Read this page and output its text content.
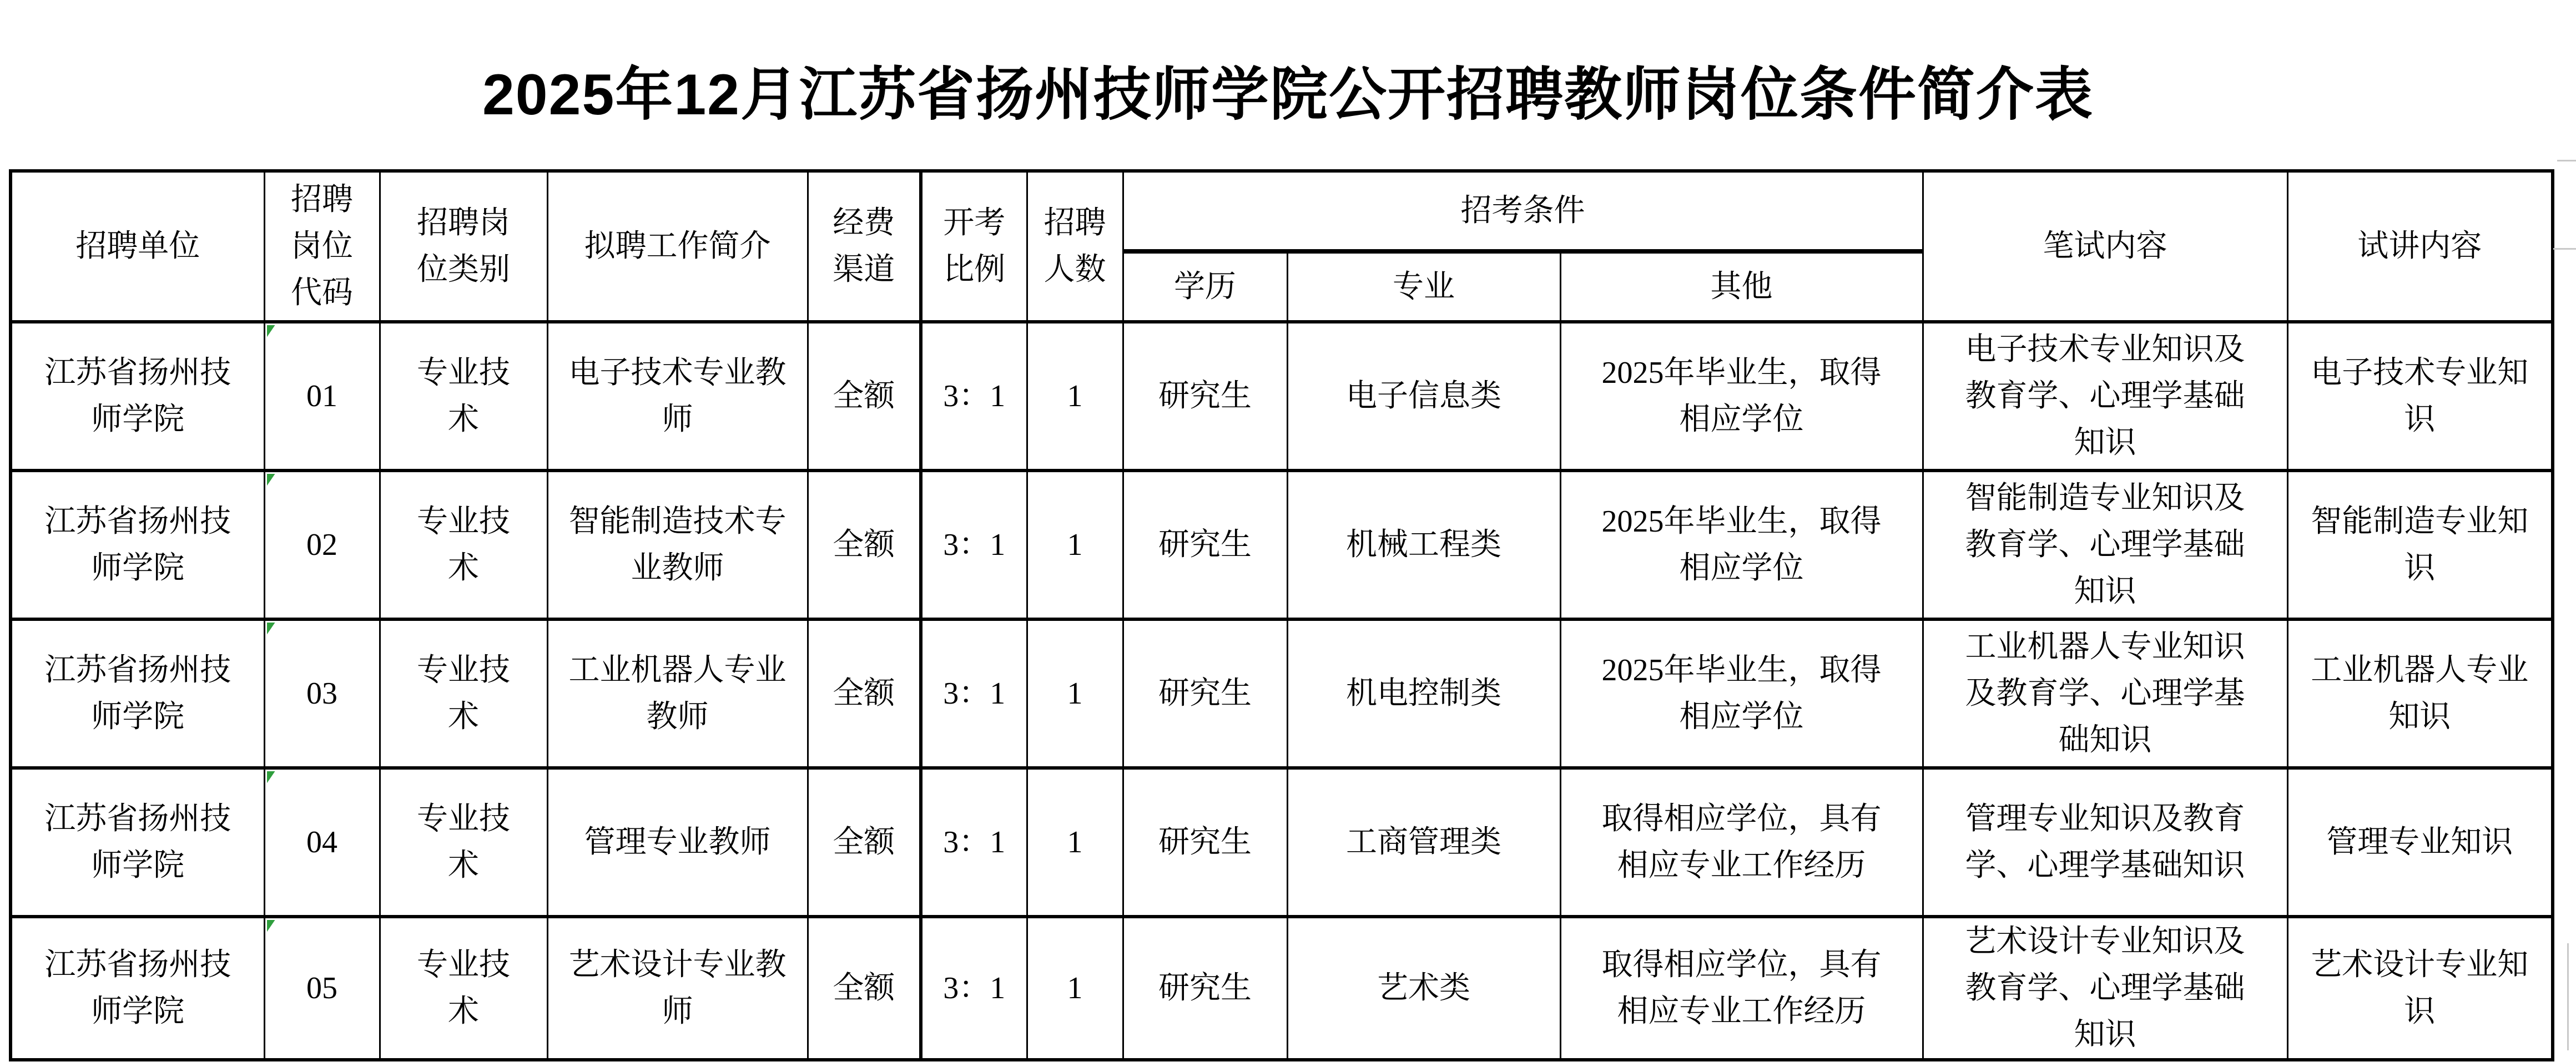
2025年12月江苏省扬州技师学院公开招聘教师岗位条件简介表
招聘单位	招聘岗位代码	招聘岗位类别	拟聘工作简介	经费渠道	开考比例	招聘人数	招考条件			笔试内容	试讲内容
							学历	专业	其他		
江苏省扬州技师学院	01	专业技术	电子技术专业教师	全额	3：1	1	研究生	电子信息类	2025年毕业生，取得相应学位	电子技术专业知识及教育学、心理学基础知识	电子技术专业知识
江苏省扬州技师学院	02	专业技术	智能制造技术专业教师	全额	3：1	1	研究生	机械工程类	2025年毕业生，取得相应学位	智能制造专业知识及教育学、心理学基础知识	智能制造专业知识
江苏省扬州技师学院	03	专业技术	工业机器人专业教师	全额	3：1	1	研究生	机电控制类	2025年毕业生，取得相应学位	工业机器人专业知识及教育学、心理学基础知识	工业机器人专业知识
江苏省扬州技师学院	04	专业技术	管理专业教师	全额	3：1	1	研究生	工商管理类	取得相应学位，具有相应专业工作经历	管理专业知识及教育学、心理学基础知识	管理专业知识
江苏省扬州技师学院	05	专业技术	艺术设计专业教师	全额	3：1	1	研究生	艺术类	取得相应学位，具有相应专业工作经历	艺术设计专业知识及教育学、心理学基础知识	艺术设计专业知识
